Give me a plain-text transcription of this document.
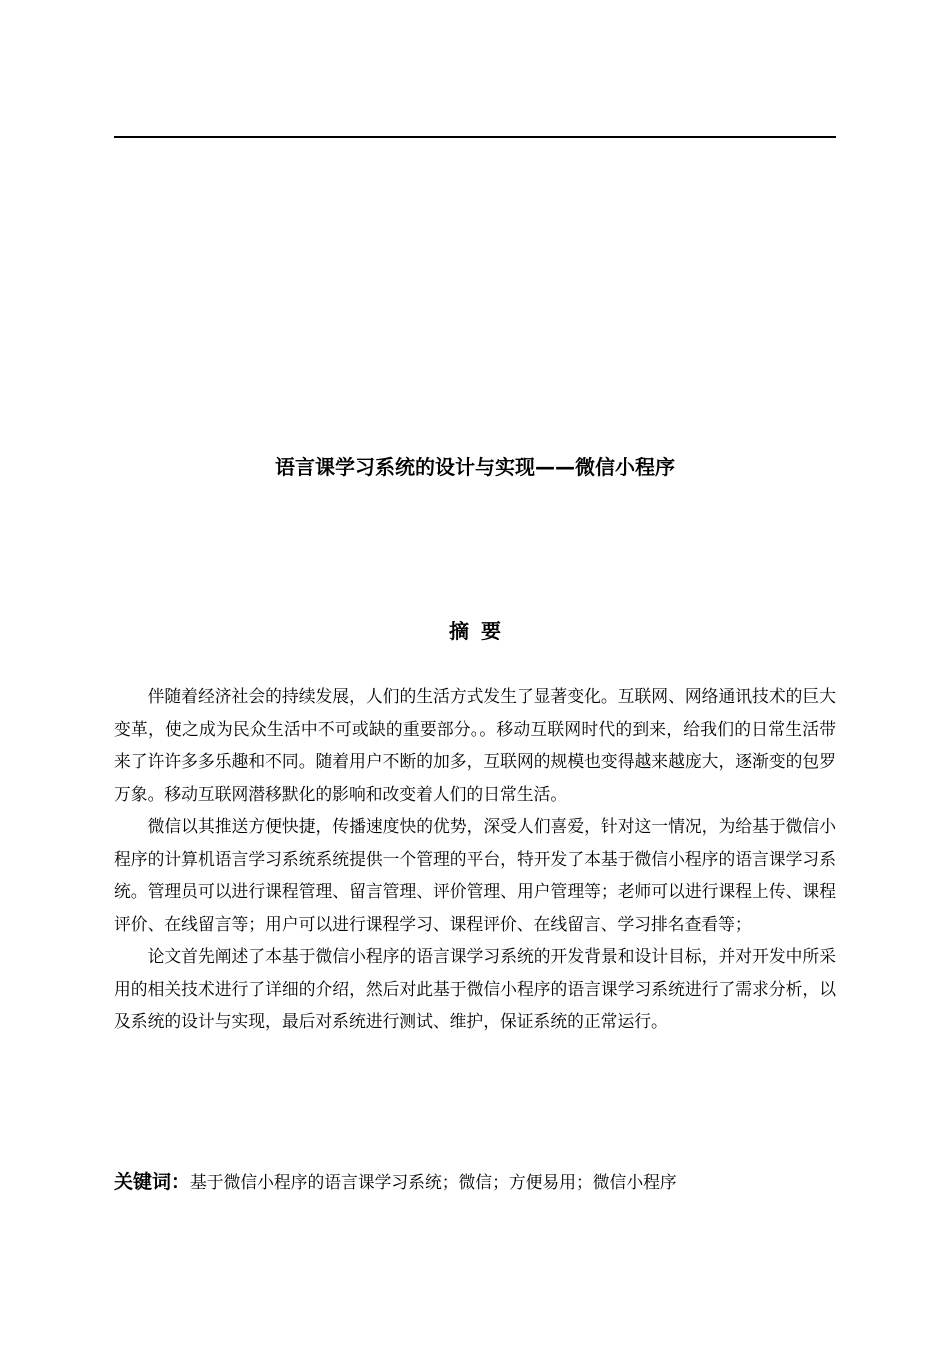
语言课学习系统的设计与实现——微信小程序
摘要

伴随着经济社会的持续发展，人们的生活方式发生了显著变化。互联网、网络通讯技术的巨大变革，使之成为民众生活中不可或缺的重要部分。。移动互联网时代的到来，给我们的日常生活带来了许许多多乐趣和不同。随着用户不断的加多，互联网的规模也变得越来越庞大，逐渐变的包罗万象。移动互联网潜移默化的影响和改变着人们的日常生活。

微信以其推送方便快捷，传播速度快的优势，深受人们喜爱，针对这一情况，为给基于微信小程序的计算机语言学习系统系统提供一个管理的平台，特开发了本基于微信小程序的语言课学习系统。管理员可以进行课程管理、留言管理、评价管理、用户管理等；老师可以进行课程上传、课程评价、在线留言等；用户可以进行课程学习、课程评价、在线留言、学习排名查看等；

论文首先阐述了本基于微信小程序的语言课学习系统的开发背景和设计目标，并对开发中所采用的相关技术进行了详细的介绍，然后对此基于微信小程序的语言课学习系统进行了需求分析，以及系统的设计与实现，最后对系统进行测试、维护，保证系统的正常运行。

关键词：基于微信小程序的语言课学习系统；微信；方便易用；微信小程序
